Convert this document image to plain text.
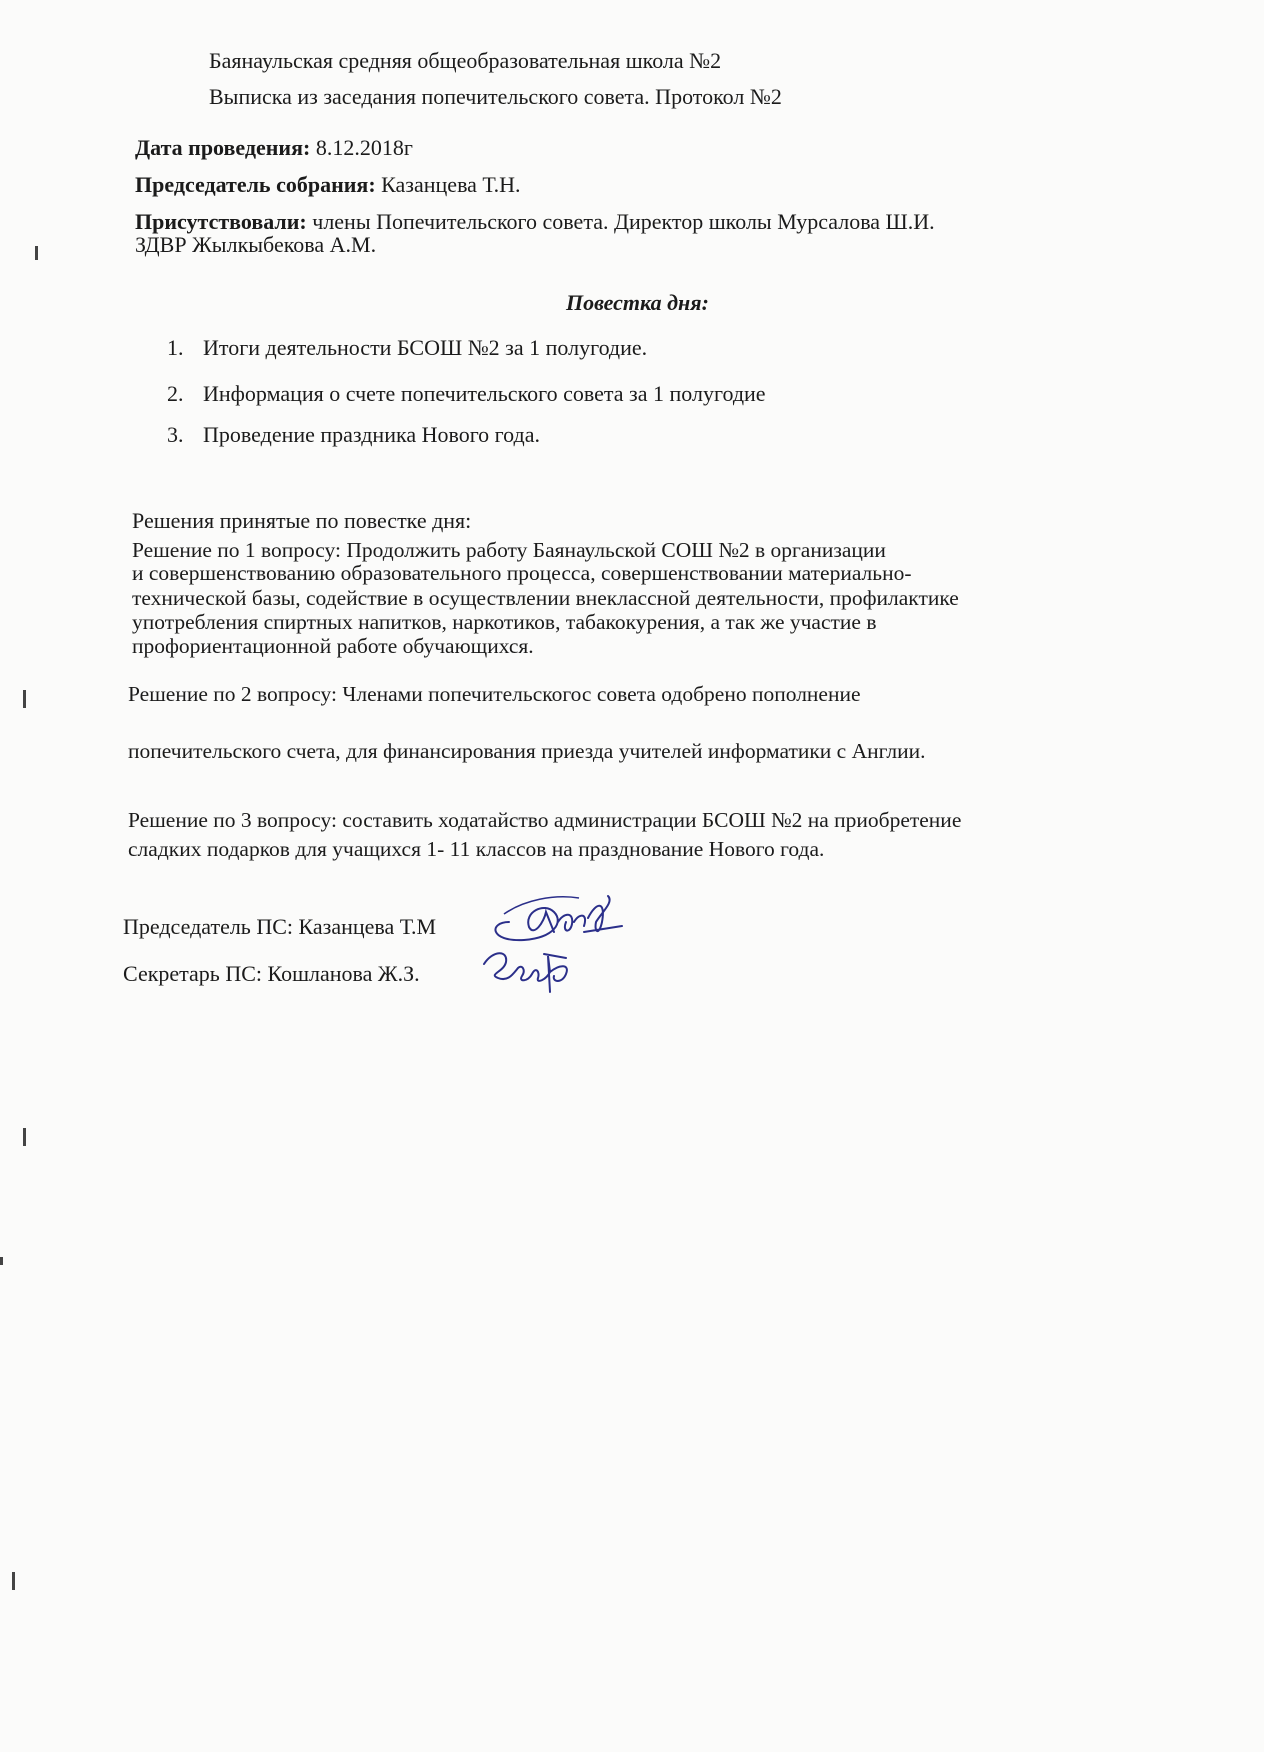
Баянаульская средняя общеобразовательная школа №2
Выписка из заседания попечительского совета. Протокол №2
Дата проведения: 8.12.2018г
Председатель собрания: Казанцева Т.Н.
Присутствовали: члены Попечительского совета. Директор школы Мурсалова Ш.И.
ЗДВР Жылкыбекова А.М.
Повестка дня:
1. Итоги деятельности БСОШ №2 за 1 полугодие.
2. Информация о счете попечительского совета за 1 полугодие
3. Проведение праздника Нового года.
Решения принятые по повестке дня:
Решение по 1 вопросу: Продолжить работу Баянаульской СОШ №2 в организации
и совершенствованию образовательного процесса, совершенствовании материально-
технической базы, содействие в осуществлении внеклассной деятельности, профилактике
употребления спиртных напитков, наркотиков, табакокурения, а так же участие в
профориентационной работе обучающихся.
Решение по 2 вопросу: Членами попечительскогос совета одобрено пополнение
попечительского счета, для финансирования приезда учителей информатики с Англии.
Решение по 3 вопросу: составить ходатайство администрации БСОШ №2 на приобретение
сладких подарков для учащихся 1- 11 классов на празднование Нового года.
Председатель ПС: Казанцева Т.М
Секретарь ПС: Кошланова Ж.З.
